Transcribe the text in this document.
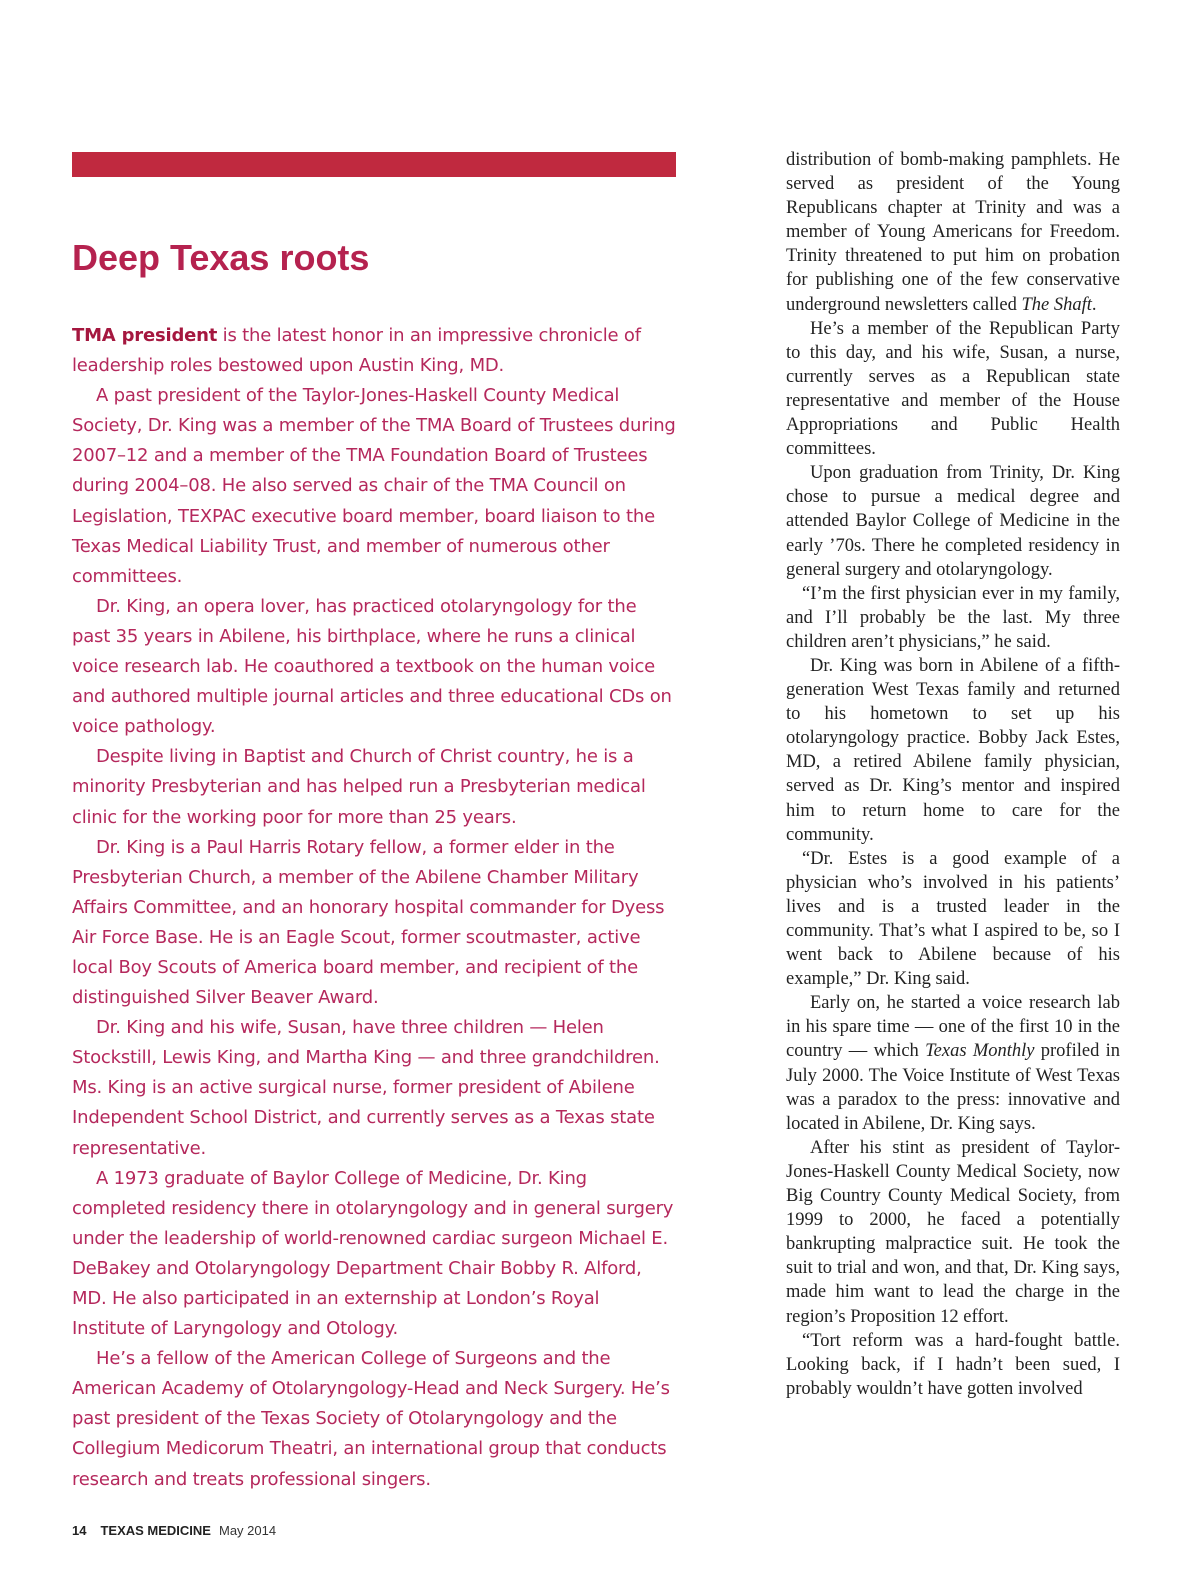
Deep Texas roots

TMA president is the latest honor in an impressive chronicle of leadership roles bestowed upon Austin King, MD.

A past president of the Taylor-Jones-Haskell County Medical Society, Dr. King was a member of the TMA Board of Trustees during 2007–12 and a member of the TMA Foundation Board of Trustees during 2004–08. He also served as chair of the TMA Council on Legislation, TEXPAC executive board member, board liaison to the Texas Medical Liability Trust, and member of numerous other committees.

Dr. King, an opera lover, has practiced otolaryngology for the past 35 years in Abilene, his birthplace, where he runs a clinical voice research lab. He coauthored a textbook on the human voice and authored multiple journal articles and three educational CDs on voice pathology.

Despite living in Baptist and Church of Christ country, he is a minority Presbyterian and has helped run a Presbyterian medical clinic for the working poor for more than 25 years.

Dr. King is a Paul Harris Rotary fellow, a former elder in the Presbyterian Church, a member of the Abilene Chamber Military Affairs Committee, and an honorary hospital commander for Dyess Air Force Base. He is an Eagle Scout, former scoutmaster, active local Boy Scouts of America board member, and recipient of the distinguished Silver Beaver Award.

Dr. King and his wife, Susan, have three children — Helen Stockstill, Lewis King, and Martha King — and three grandchildren. Ms. King is an active surgical nurse, former president of Abilene Independent School District, and currently serves as a Texas state representative.

A 1973 graduate of Baylor College of Medicine, Dr. King completed residency there in otolaryngology and in general surgery under the leadership of world-renowned cardiac surgeon Michael E. DeBakey and Otolaryngology Department Chair Bobby R. Alford, MD. He also participated in an externship at London’s Royal Institute of Laryngology and Otology.

He’s a fellow of the American College of Surgeons and the American Academy of Otolaryngology-Head and Neck Surgery. He’s past president of the Texas Society of Otolaryngology and the Collegium Medicorum Theatri, an international group that conducts research and treats professional singers.

distribution of bomb-making pamphlets. He served as president of the Young Republicans chapter at Trinity and was a member of Young Americans for Freedom. Trinity threatened to put him on probation for publishing one of the few conservative underground newsletters called The Shaft.

He’s a member of the Republican Party to this day, and his wife, Susan, a nurse, currently serves as a Republican state representative and member of the House Appropriations and Public Health committees.

Upon graduation from Trinity, Dr. King chose to pursue a medical degree and attended Baylor College of Medicine in the early ’70s. There he completed residency in general surgery and otolaryngology.

“I’m the first physician ever in my family, and I’ll probably be the last. My three children aren’t physicians,” he said.

Dr. King was born in Abilene of a fifth-generation West Texas family and returned to his hometown to set up his otolaryngology practice. Bobby Jack Estes, MD, a retired Abilene family physician, served as Dr. King’s mentor and inspired him to return home to care for the community.

“Dr. Estes is a good example of a physician who’s involved in his patients’ lives and is a trusted leader in the community. That’s what I aspired to be, so I went back to Abilene because of his example,” Dr. King said.

Early on, he started a voice research lab in his spare time — one of the first 10 in the country — which Texas Monthly profiled in July 2000. The Voice Institute of West Texas was a paradox to the press: innovative and located in Abilene, Dr. King says.

After his stint as president of Taylor-Jones-Haskell County Medical Society, now Big Country County Medical Society, from 1999 to 2000, he faced a potentially bankrupting malpractice suit. He took the suit to trial and won, and that, Dr. King says, made him want to lead the charge in the region’s Proposition 12 effort.

“Tort reform was a hard-fought battle. Looking back, if I hadn’t been sued, I probably wouldn’t have gotten involved

14 TEXAS MEDICINE May 2014
